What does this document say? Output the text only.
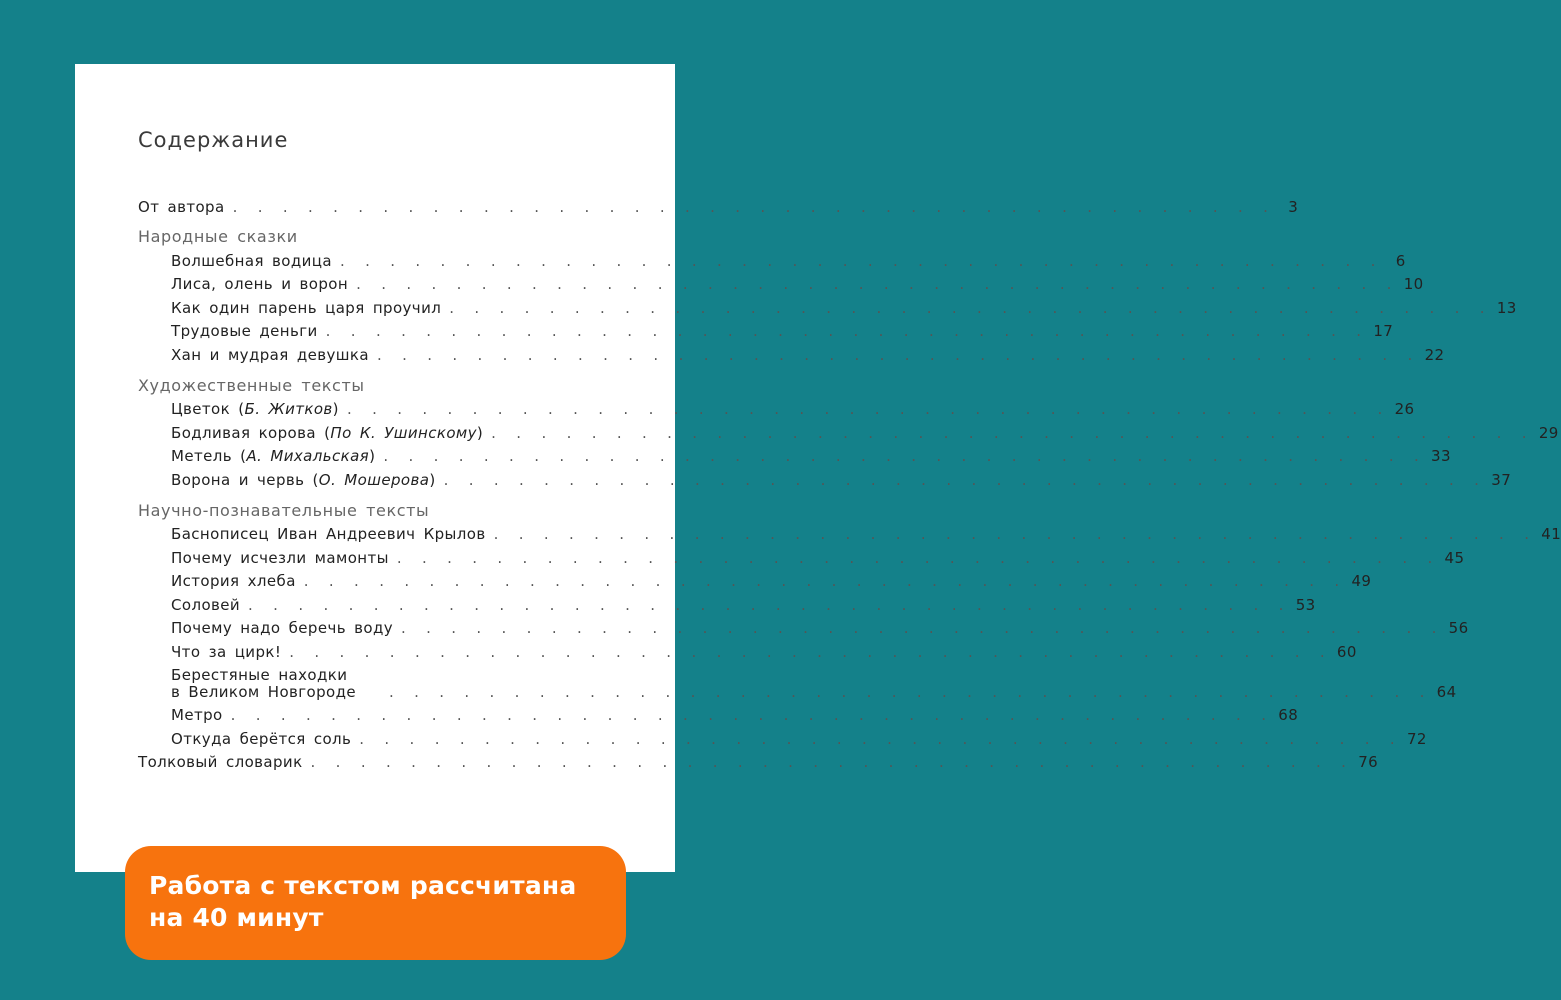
Содержание
От автора . . . . . . . . . . . . . . . . . . . . . . . . . . . . . . . . . . . . . . . . . . 3
Народные сказки
Волшебная водица . . . . . . . . . . . . . . . . . . . . . . . . . . . . . . . . . . . . . . . . . . 6
Лиса, олень и ворон . . . . . . . . . . . . . . . . . . . . . . . . . . . . . . . . . . . . . . . . . . 10
Как один парень царя проучил . . . . . . . . . . . . . . . . . . . . . . . . . . . . . . . . . . . . . . . . . . 13
Трудовые деньги . . . . . . . . . . . . . . . . . . . . . . . . . . . . . . . . . . . . . . . . . . 17
Хан и мудрая девушка . . . . . . . . . . . . . . . . . . . . . . . . . . . . . . . . . . . . . . . . . . 22
Художественные тексты
Цветок (Б. Житков) . . . . . . . . . . . . . . . . . . . . . . . . . . . . . . . . . . . . . . . . . . 26
Бодливая корова (По К. Ушинскому) . . . . . . . . . . . . . . . . . . . . . . . . . . . . . . . . . . . . . . . . . . 29
Метель (А. Михальская) . . . . . . . . . . . . . . . . . . . . . . . . . . . . . . . . . . . . . . . . . . 33
Ворона и червь (О. Мошерова) . . . . . . . . . . . . . . . . . . . . . . . . . . . . . . . . . . . . . . . . . . 37
Научно-познавательные тексты
Баснописец Иван Андреевич Крылов . . . . . . . . . . . . . . . . . . . . . . . . . . . . . . . . . . . . . . . . . . 41
Почему исчезли мамонты . . . . . . . . . . . . . . . . . . . . . . . . . . . . . . . . . . . . . . . . . . 45
История хлеба . . . . . . . . . . . . . . . . . . . . . . . . . . . . . . . . . . . . . . . . . . 49
Соловей . . . . . . . . . . . . . . . . . . . . . . . . . . . . . . . . . . . . . . . . . . 53
Почему надо беречь воду . . . . . . . . . . . . . . . . . . . . . . . . . . . . . . . . . . . . . . . . . . 56
Что за цирк! . . . . . . . . . . . . . . . . . . . . . . . . . . . . . . . . . . . . . . . . . . 60
Берестяные находки
в Великом Новгороде	. . . . . . . . . . . . . . . . . . . . . . . . . . . . . . . . . . . . . . . . . . 64
Метро . . . . . . . . . . . . . . . . . . . . . . . . . . . . . . . . . . . . . . . . . . 68
Откуда берётся соль . . . . . . . . . . . . . . . . . . . . . . . . . . . . . . . . . . . . . . . . . . 72
Толковый словарик . . . . . . . . . . . . . . . . . . . . . . . . . . . . . . . . . . . . . . . . . . 76
Работа с текстом рассчитана на 40 минут
